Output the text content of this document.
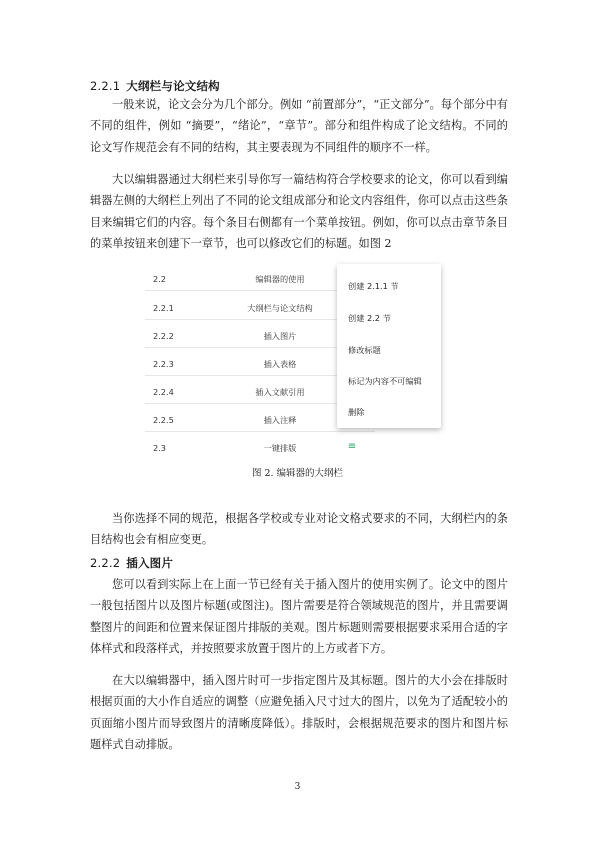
2.2.1 大纲栏与论文结构

一般来说，论文会分为几个部分。例如 “前置部分”，“正文部分”。每个部分中有不同的组件，例如 “摘要”，“绪论”，“章节”。部分和组件构成了论文结构。不同的论文写作规范会有不同的结构，其主要表现为不同组件的顺序不一样。

大以编辑器通过大纲栏来引导你写一篇结构符合学校要求的论文，你可以看到编辑器左侧的大纲栏上列出了不同的论文组成部分和论文内容组件，你可以点击这些条目来编辑它们的内容。每个条目右侧都有一个菜单按钮。例如，你可以点击章节条目的菜单按钮来创建下一章节，也可以修改它们的标题。如图 2

2.2	编辑器的使用
2.2.1	大纲栏与论文结构
2.2.2	插入图片
2.2.3	插入表格
2.2.4	插入文献引用
2.2.5	插入注释
2.3	一键排版	≡
创建 2.1.1 节
创建 2.2 节
修改标题
标记为内容不可编辑
删除
图 2. 编辑器的大纲栏

当你选择不同的规范，根据各学校或专业对论文格式要求的不同，大纲栏内的条目结构也会有相应变更。

2.2.2 插入图片

您可以看到实际上在上面一节已经有关于插入图片的使用实例了。论文中的图片一般包括图片以及图片标题(或图注)。图片需要是符合领域规范的图片，并且需要调整图片的间距和位置来保证图片排版的美观。图片标题则需要根据要求采用合适的字体样式和段落样式，并按照要求放置于图片的上方或者下方。

在大以编辑器中，插入图片时可一步指定图片及其标题。图片的大小会在排版时根据页面的大小作自适应的调整（应避免插入尺寸过大的图片，以免为了适配较小的页面缩小图片而导致图片的清晰度降低）。排版时，会根据规范要求的图片和图片标题样式自动排版。

3
